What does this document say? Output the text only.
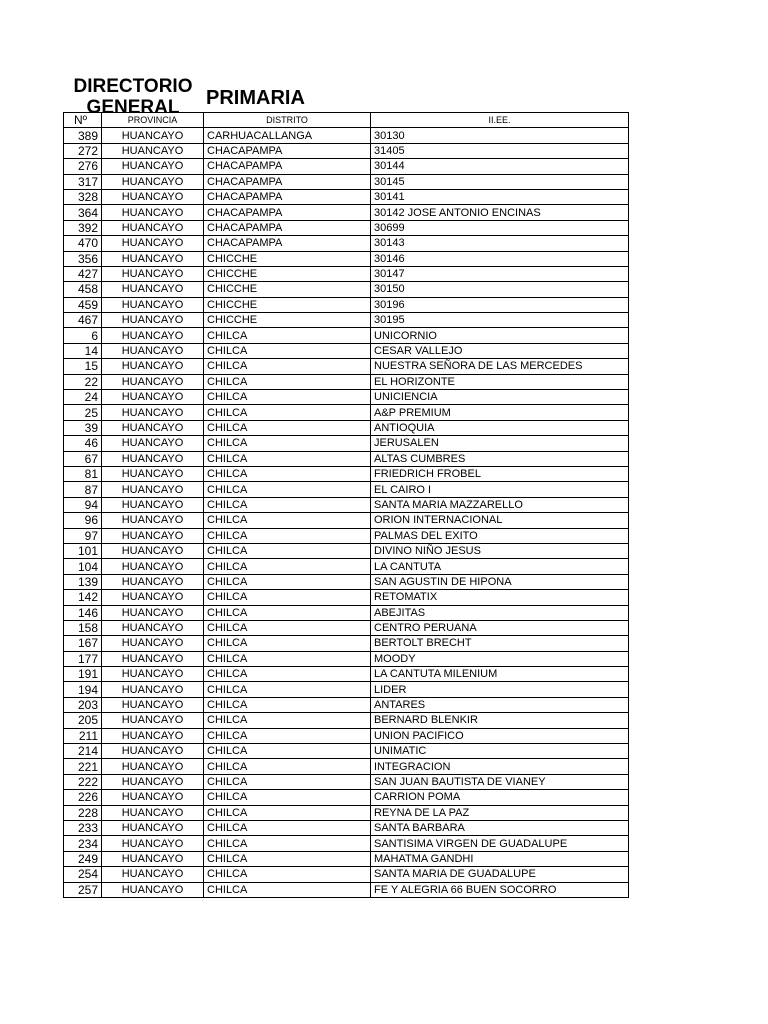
DIRECTORIO
GENERAL	PRIMARIA
Nº	PROVINCIA	DISTRITO	II.EE.
389	HUANCAYO	CARHUACALLANGA	30130
272	HUANCAYO	CHACAPAMPA	31405
276	HUANCAYO	CHACAPAMPA	30144
317	HUANCAYO	CHACAPAMPA	30145
328	HUANCAYO	CHACAPAMPA	30141
364	HUANCAYO	CHACAPAMPA	30142 JOSE ANTONIO ENCINAS
392	HUANCAYO	CHACAPAMPA	30699
470	HUANCAYO	CHACAPAMPA	30143
356	HUANCAYO	CHICCHE	30146
427	HUANCAYO	CHICCHE	30147
458	HUANCAYO	CHICCHE	30150
459	HUANCAYO	CHICCHE	30196
467	HUANCAYO	CHICCHE	30195
6	HUANCAYO	CHILCA	UNICORNIO
14	HUANCAYO	CHILCA	CESAR VALLEJO
15	HUANCAYO	CHILCA	NUESTRA SEÑORA DE LAS MERCEDES
22	HUANCAYO	CHILCA	EL HORIZONTE
24	HUANCAYO	CHILCA	UNICIENCIA
25	HUANCAYO	CHILCA	A&P PREMIUM
39	HUANCAYO	CHILCA	ANTIOQUIA
46	HUANCAYO	CHILCA	JERUSALEN
67	HUANCAYO	CHILCA	ALTAS CUMBRES
81	HUANCAYO	CHILCA	FRIEDRICH FROBEL
87	HUANCAYO	CHILCA	EL CAIRO I
94	HUANCAYO	CHILCA	SANTA MARIA MAZZARELLO
96	HUANCAYO	CHILCA	ORION INTERNACIONAL
97	HUANCAYO	CHILCA	PALMAS DEL EXITO
101	HUANCAYO	CHILCA	DIVINO NIÑO JESUS
104	HUANCAYO	CHILCA	LA CANTUTA
139	HUANCAYO	CHILCA	SAN AGUSTIN DE HIPONA
142	HUANCAYO	CHILCA	RETOMATIX
146	HUANCAYO	CHILCA	ABEJITAS
158	HUANCAYO	CHILCA	CENTRO PERUANA
167	HUANCAYO	CHILCA	BERTOLT BRECHT
177	HUANCAYO	CHILCA	MOODY
191	HUANCAYO	CHILCA	LA CANTUTA MILENIUM
194	HUANCAYO	CHILCA	LIDER
203	HUANCAYO	CHILCA	ANTARES
205	HUANCAYO	CHILCA	BERNARD BLENKIR
211	HUANCAYO	CHILCA	UNION PACIFICO
214	HUANCAYO	CHILCA	UNIMATIC
221	HUANCAYO	CHILCA	INTEGRACION
222	HUANCAYO	CHILCA	SAN JUAN BAUTISTA DE VIANEY
226	HUANCAYO	CHILCA	CARRION POMA
228	HUANCAYO	CHILCA	REYNA DE LA PAZ
233	HUANCAYO	CHILCA	SANTA BARBARA
234	HUANCAYO	CHILCA	SANTISIMA VIRGEN DE GUADALUPE
249	HUANCAYO	CHILCA	MAHATMA GANDHI
254	HUANCAYO	CHILCA	SANTA MARIA DE GUADALUPE
257	HUANCAYO	CHILCA	FE Y ALEGRIA 66 BUEN SOCORRO
